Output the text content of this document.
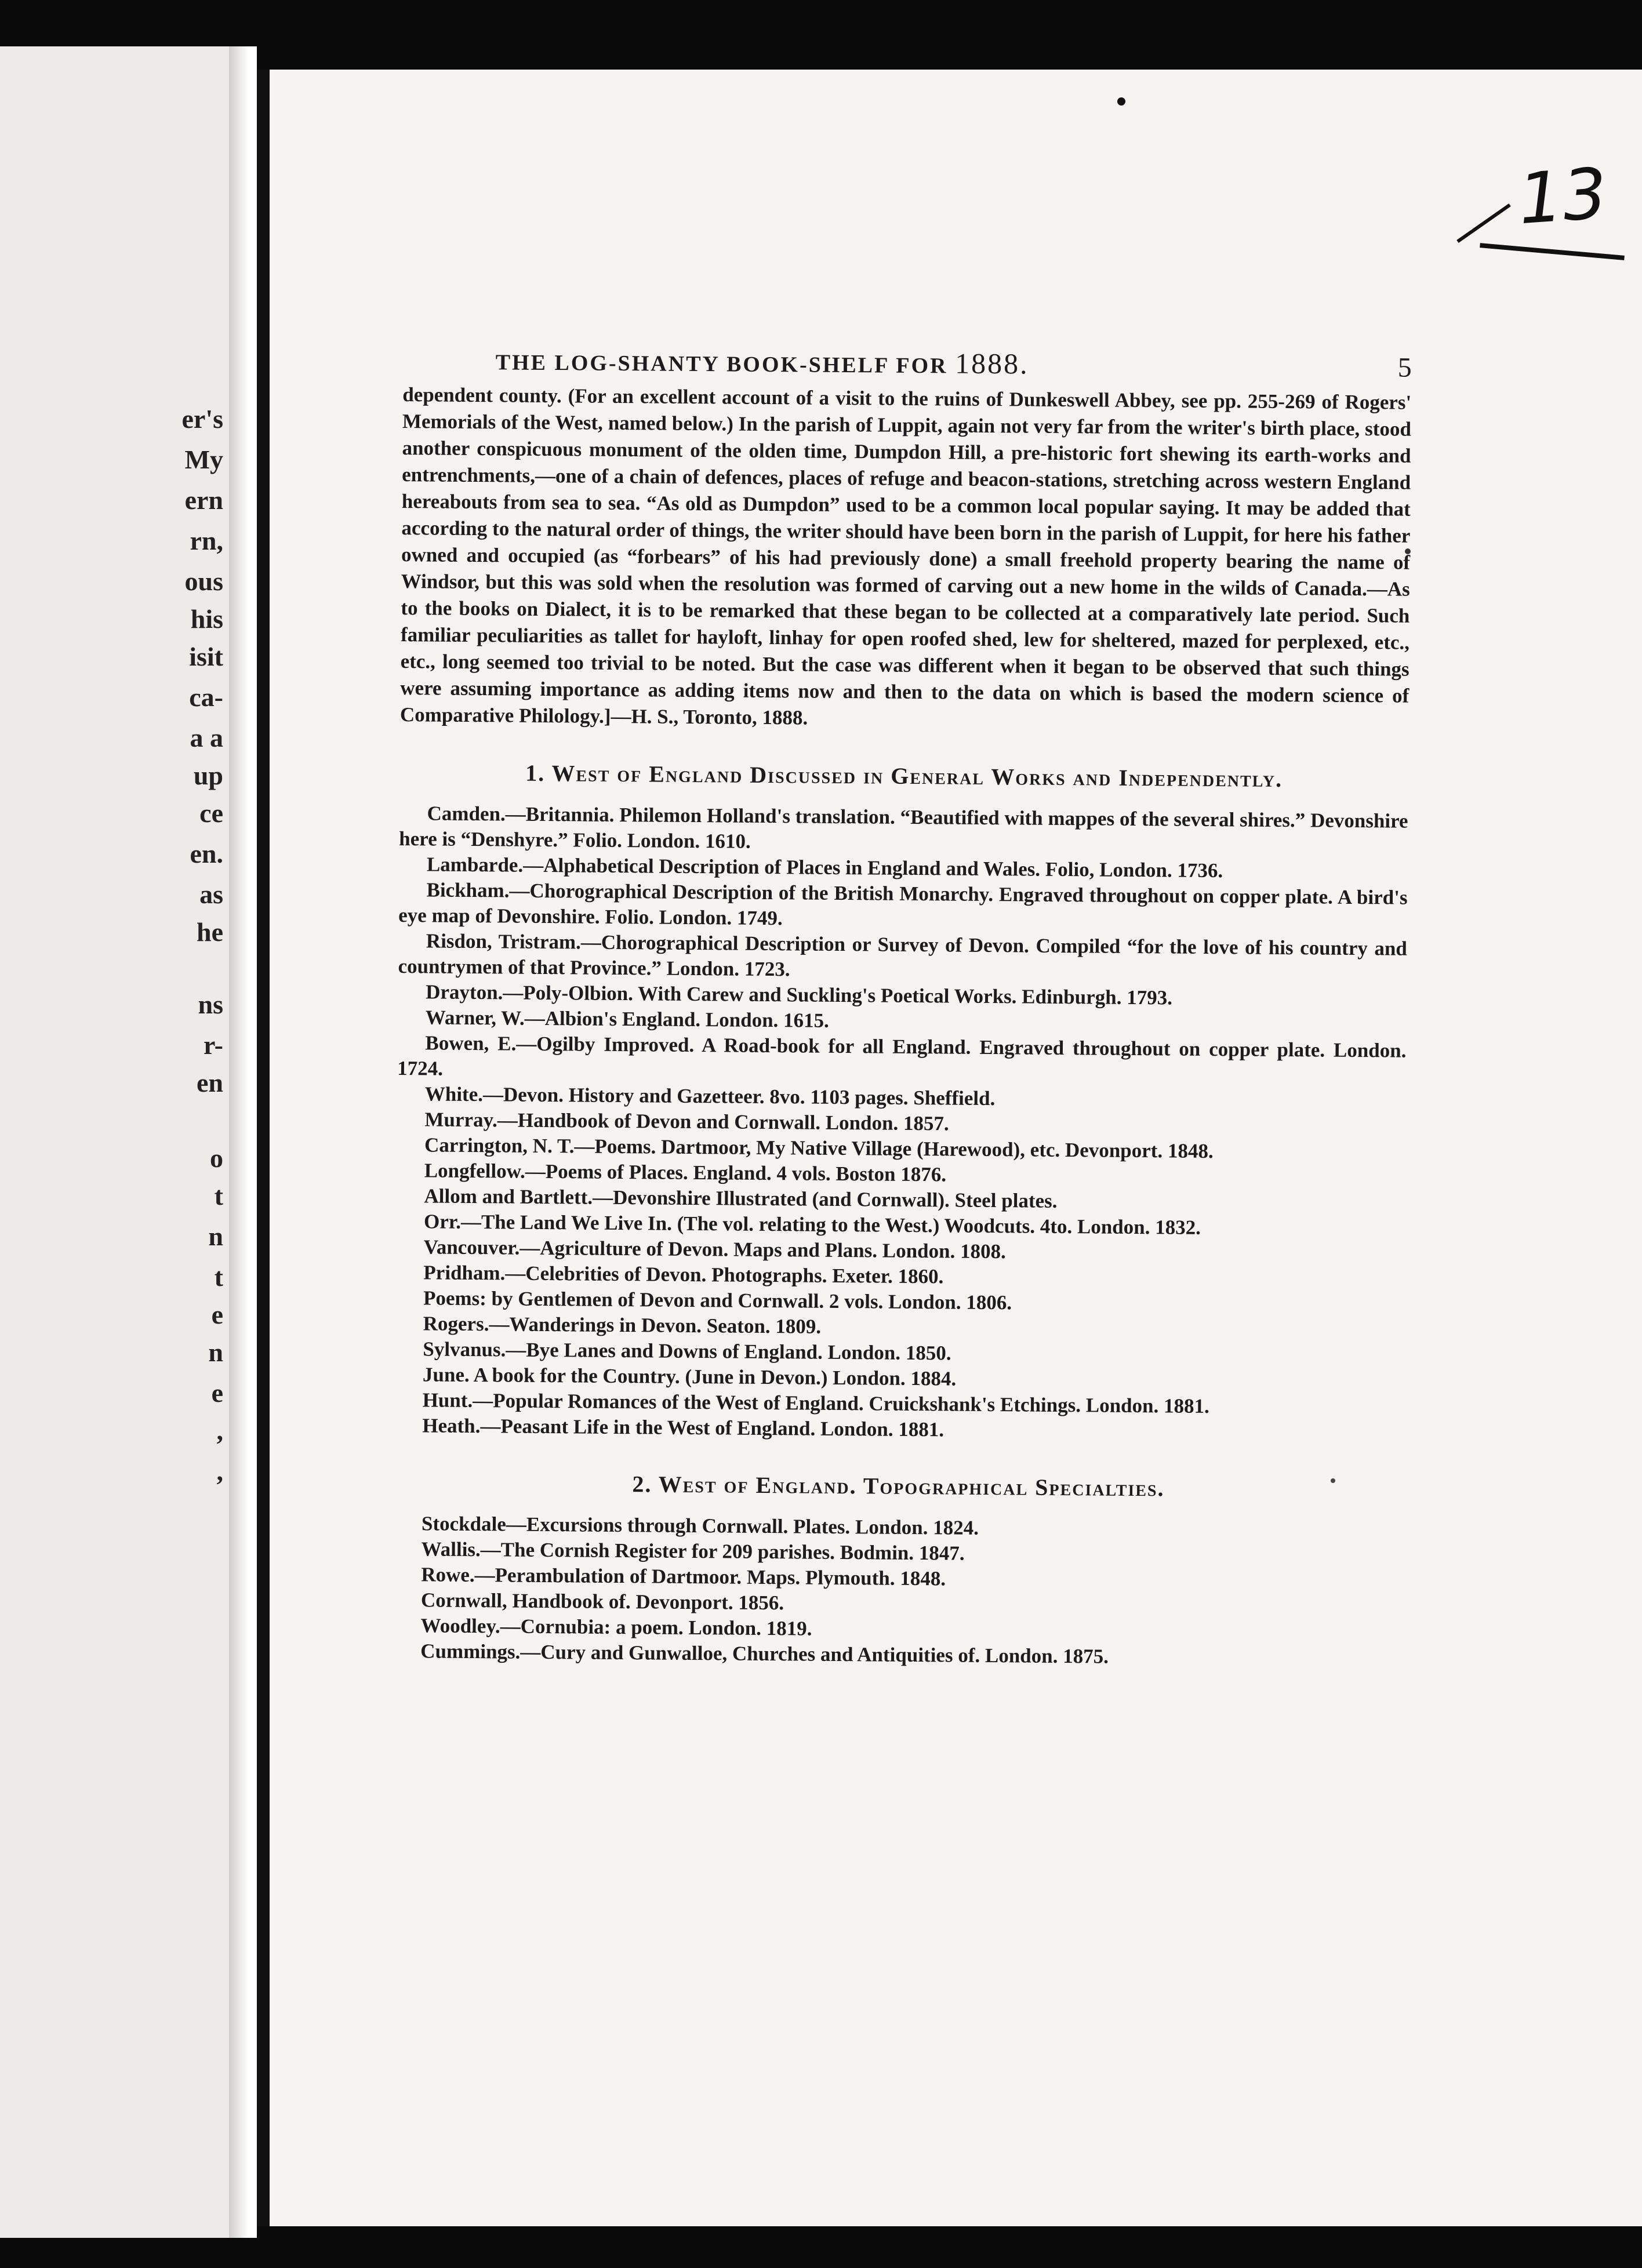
er's
My
ern
rn,
ous
his
isit
ca-
a a
up
ce
en.
as
he
ns
r-
en
o
t
n
t
e
n
e
,
,
13
THE LOG-SHANTY BOOK-SHELF FOR 1888.	5

dependent county. (For an excellent account of a visit to the ruins of Dunkeswell Abbey, see pp. 255-269 of Rogers' Memorials of the West, named below.) In the parish of Luppit, again not very far from the writer's birth place, stood another conspicuous monument of the olden time, Dumpdon Hill, a pre-historic fort shewing its earth-works and entrenchments,—one of a chain of defences, places of refuge and beacon-stations, stretching across western England hereabouts from sea to sea. “As old as Dumpdon” used to be a common local popular saying. It may be added that according to the natural order of things, the writer should have been born in the parish of Luppit, for here his father owned and occupied (as “forbears” of his had previously done) a small freehold property bearing the name of Windsor, but this was sold when the resolution was formed of carving out a new home in the wilds of Canada.—As to the books on Dialect, it is to be remarked that these began to be collected at a comparatively late period. Such familiar peculiarities as tallet for hayloft, linhay for open roofed shed, lew for sheltered, mazed for perplexed, etc., etc., long seemed too trivial to be noted. But the case was different when it began to be observed that such things were assuming importance as adding items now and then to the data on which is based the modern science of Comparative Philology.]—H. S., Toronto, 1888.

1. West of England Discussed in General Works and Independently.
Camden.—Britannia. Philemon Holland's translation. “Beautified with mappes of the several shires.” Devonshire here is “Denshyre.” Folio. London. 1610.
Lambarde.—Alphabetical Description of Places in England and Wales. Folio, London. 1736.
Bickham.—Chorographical Description of the British Monarchy. Engraved throughout on copper plate. A bird's eye map of Devonshire. Folio. London. 1749.
Risdon, Tristram.—Chorographical Description or Survey of Devon. Compiled “for the love of his country and countrymen of that Province.” London. 1723.
Drayton.—Poly-Olbion. With Carew and Suckling's Poetical Works. Edinburgh. 1793.
Warner, W.—Albion's England. London. 1615.
Bowen, E.—Ogilby Improved. A Road-book for all England. Engraved throughout on copper plate. London. 1724.
White.—Devon. History and Gazetteer. 8vo. 1103 pages. Sheffield.
Murray.—Handbook of Devon and Cornwall. London. 1857.
Carrington, N. T.—Poems. Dartmoor, My Native Village (Harewood), etc. Devonport. 1848.
Longfellow.—Poems of Places. England. 4 vols. Boston 1876.
Allom and Bartlett.—Devonshire Illustrated (and Cornwall). Steel plates.
Orr.—The Land We Live In. (The vol. relating to the West.) Woodcuts. 4to. London. 1832.
Vancouver.—Agriculture of Devon. Maps and Plans. London. 1808.
Pridham.—Celebrities of Devon. Photographs. Exeter. 1860.
Poems: by Gentlemen of Devon and Cornwall. 2 vols. London. 1806.
Rogers.—Wanderings in Devon. Seaton. 1809.
Sylvanus.—Bye Lanes and Downs of England. London. 1850.
June. A book for the Country. (June in Devon.) London. 1884.
Hunt.—Popular Romances of the West of England. Cruickshank's Etchings. London. 1881.
Heath.—Peasant Life in the West of England. London. 1881.
2. West of England. Topographical Specialties.
Stockdale—Excursions through Cornwall. Plates. London. 1824.
Wallis.—The Cornish Register for 209 parishes. Bodmin. 1847.
Rowe.—Perambulation of Dartmoor. Maps. Plymouth. 1848.
Cornwall, Handbook of. Devonport. 1856.
Woodley.—Cornubia: a poem. London. 1819.
Cummings.—Cury and Gunwalloe, Churches and Antiquities of. London. 1875.
